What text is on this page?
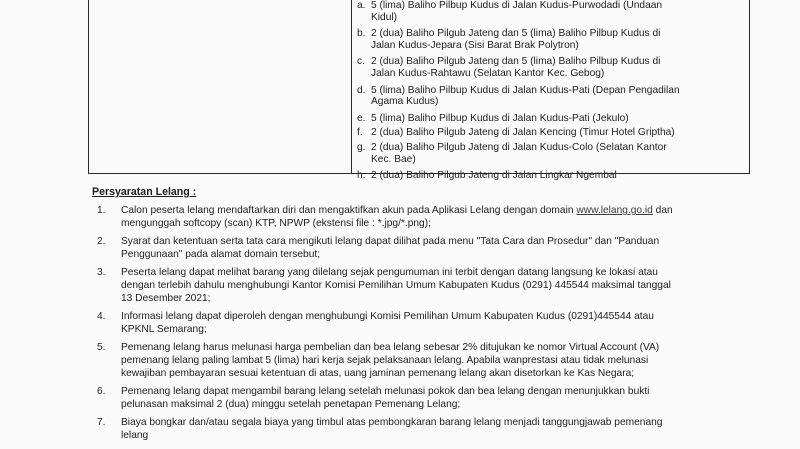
a. 5 (lima) Baliho Pilbup Kudus di Jalan Kudus-Purwodadi (Undaan
Kidul)
b. 2 (dua) Baliho Pilgub Jateng dan 5 (lima) Baliho Pilbup Kudus di
Jalan Kudus-Jepara (Sisi Barat Brak Polytron)
c. 2 (dua) Baliho Pilgub Jateng dan 5 (lima) Baliho Pilbup Kudus di
Jalan Kudus-Rahtawu (Selatan Kantor Kec. Gebog)
d. 5 (lima) Baliho Pilbup Kudus di Jalan Kudus-Pati (Depan Pengadilan
Agama Kudus)
e. 5 (lima) Baliho Pilbup Kudus di Jalan Kudus-Pati (Jekulo)
f. 2 (dua) Baliho Pilgub Jateng di Jalan Kencing (Timur Hotel Griptha)
g. 2 (dua) Baliho Pilgub Jateng di Jalan Kudus-Colo (Selatan Kantor
Kec. Bae)
h. 2 (dua) Baliho Pilgub Jateng di Jalan Lingkar Ngembal
Persyaratan Lelang :
1. Calon peserta lelang mendaftarkan diri dan mengaktifkan akun pada Aplikasi Lelang dengan domain www.lelang.go.id dan
mengunggah softcopy (scan) KTP, NPWP (ekstensi file : *.jpg/*.png);
2. Syarat dan ketentuan serta tata cara mengikuti lelang dapat dilihat pada menu "Tata Cara dan Prosedur" dan "Panduan
Penggunaan" pada alamat domain tersebut;
3. Peserta lelang dapat melihat barang yang dilelang sejak pengumuman ini terbit dengan datang langsung ke lokasi atau
dengan terlebih dahulu menghubungi Kantor Komisi Pemilihan Umum Kabupaten Kudus (0291) 445544 maksimal tanggal
13 Desember 2021;
4. Informasi lelang dapat diperoleh dengan menghubungi Komisi Pemilihan Umum Kabupaten Kudus (0291)445544 atau
KPKNL Semarang;
5. Pemenang lelang harus melunasi harga pembelian dan bea lelang sebesar 2% ditujukan ke nomor Virtual Account (VA)
pemenang lelang paling lambat 5 (lima) hari kerja sejak pelaksanaan lelang. Apabila wanprestasi atau tidak melunasi
kewajiban pembayaran sesuai ketentuan di atas, uang jaminan pemenang lelang akan disetorkan ke Kas Negara;
6. Pemenang lelang dapat mengambil barang lelang setelah melunasi pokok dan bea lelang dengan menunjukkan bukti
pelunasan maksimal 2 (dua) minggu setelah penetapan Pemenang Lelang;
7. Biaya bongkar dan/atau segala biaya yang timbul atas pembongkaran barang lelang menjadi tanggungjawab pemenang
lelang
